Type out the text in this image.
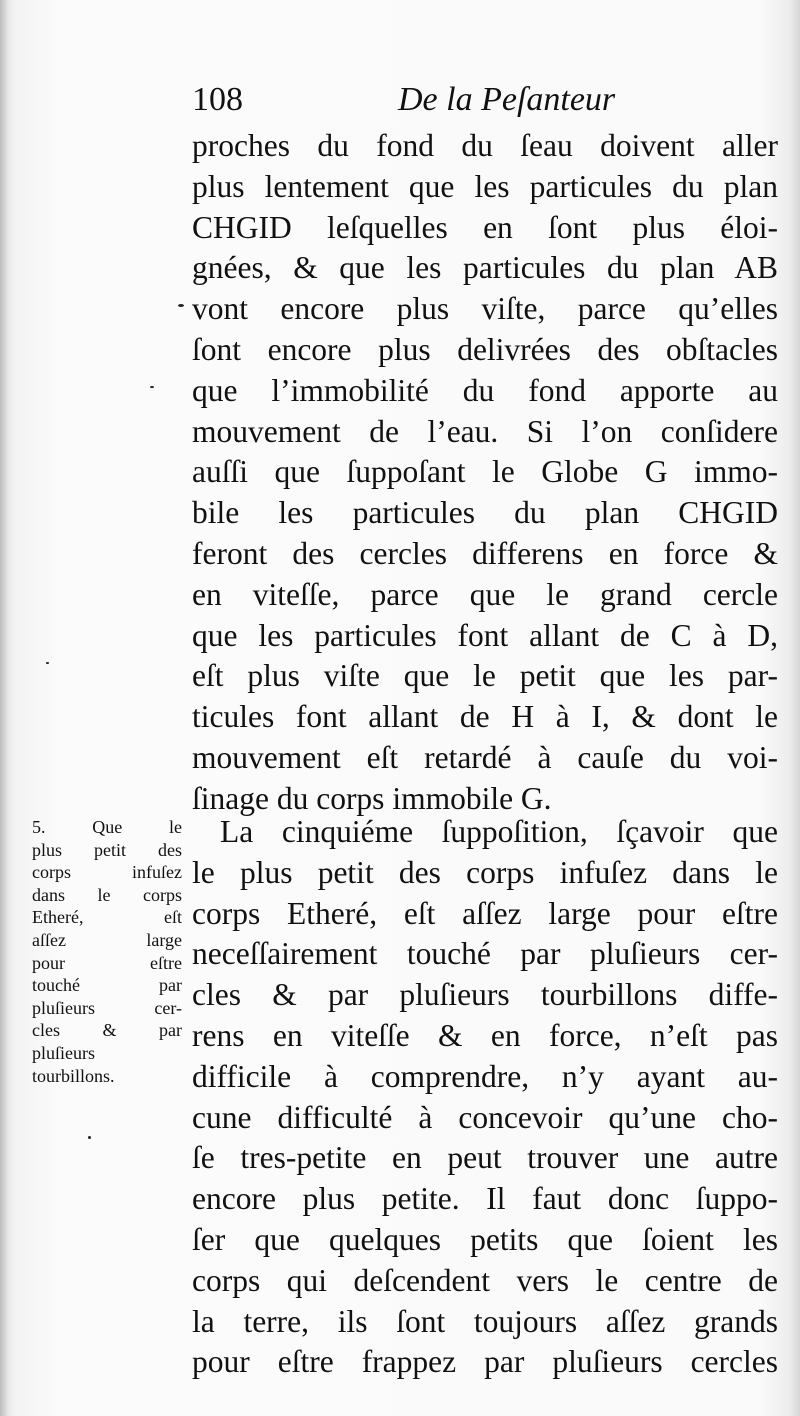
108	De la Peſanteur
proches du fond du ſeau doivent aller
plus lentement que les particules du plan
CHGID leſquelles en ſont plus éloi-
gnées, & que les particules du plan AB
vont encore plus viſte, parce qu’elles
ſont encore plus delivrées des obſtacles
que l’immobilité du fond apporte au
mouvement de l’eau. Si l’on conſidere
auſſi que ſuppoſant le Globe G immo-
bile les particules du plan CHGID
feront des cercles differens en force &
en viteſſe, parce que le grand cercle
que les particules font allant de C à D,
eſt plus viſte que le petit que les par-
ticules font allant de H à I, & dont le
mouvement eſt retardé à cauſe du voi-
ſinage du corps immobile G.
La cinquiéme ſuppoſition, ſçavoir que
le plus petit des corps infuſez dans le
corps Etheré, eſt aſſez large pour eſtre
neceſſairement touché par pluſieurs cer-
cles & par pluſieurs tourbillons diffe-
rens en viteſſe & en force, n’eſt pas
difficile à comprendre, n’y ayant au-
cune difficulté à concevoir qu’une cho-
ſe tres-petite en peut trouver une autre
encore plus petite. Il faut donc ſuppo-
ſer que quelques petits que ſoient les
corps qui deſcendent vers le centre de
la terre, ils ſont toujours aſſez grands
pour eſtre frappez par pluſieurs cercles
5. Que le
plus petit des
corps infuſez
dans le corps
Etheré, eſt
aſſez large
pour eſtre
touché par
pluſieurs cer-
cles & par
pluſieurs
tourbillons.
